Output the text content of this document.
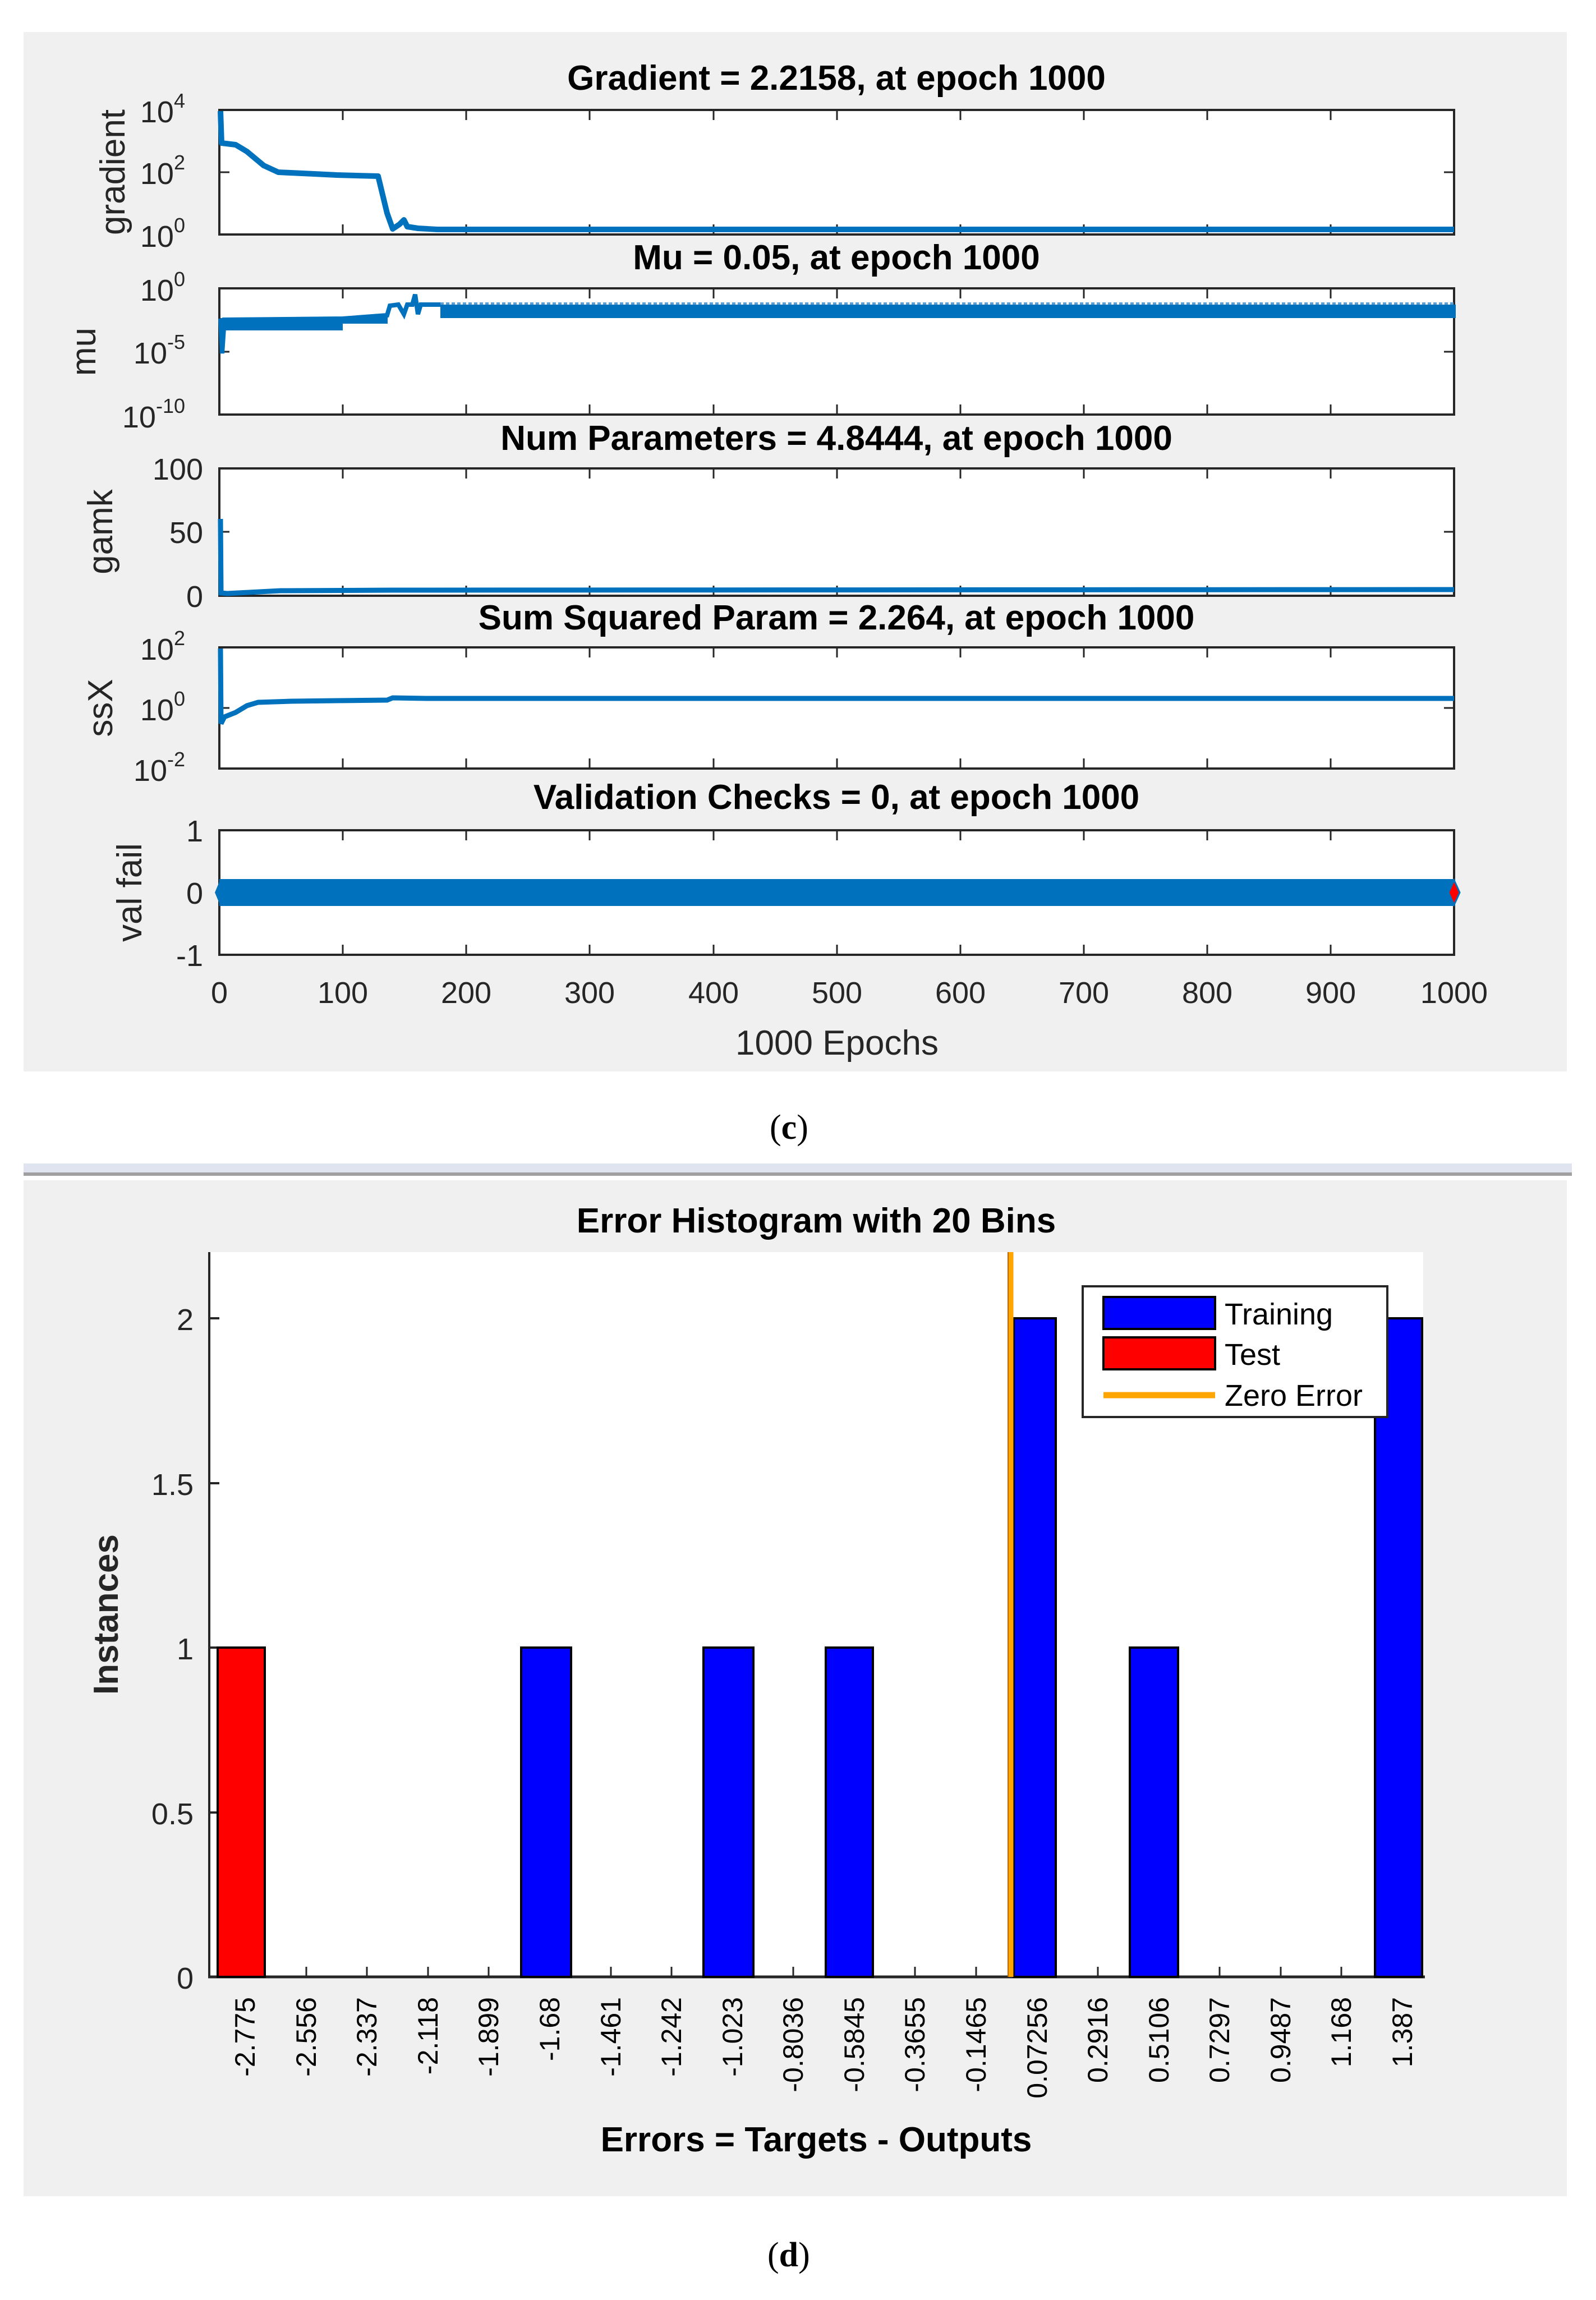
Gradient = 2.2158, at epoch 1000
Mu = 0.05, at epoch 1000
Num Parameters = 4.8444, at epoch 1000
Sum Squared Param = 2.264, at epoch 1000
Validation Checks = 0, at epoch 1000
gradient $10^4$
$10^2$
$10^0$
mu
$10^0$
$10^{-5}$
$10^{-10}$
gamk
100
50
0
ssX
$10^2$
$10^0$
$10^{-2}$
val fail
1
0
-1
0	100 200 300 400 500 600 700 800 900 1000
1000 Epochs
(c)
Error Histogram with 20 Bins
0
0.5
1
1.5
2
Instances
Training
Test
Zero Error
-2.775 -2.556 -2.337 -2.118 -1.899 -1.68 -1.461 -1.242 -1.023 -0.8036 -0.5845 -0.3655 -0.1465 0.07256 0.2916 0.5106 0.7297 0.9487 1.168 1.387
Errors = Targets - Outputs
(d)
